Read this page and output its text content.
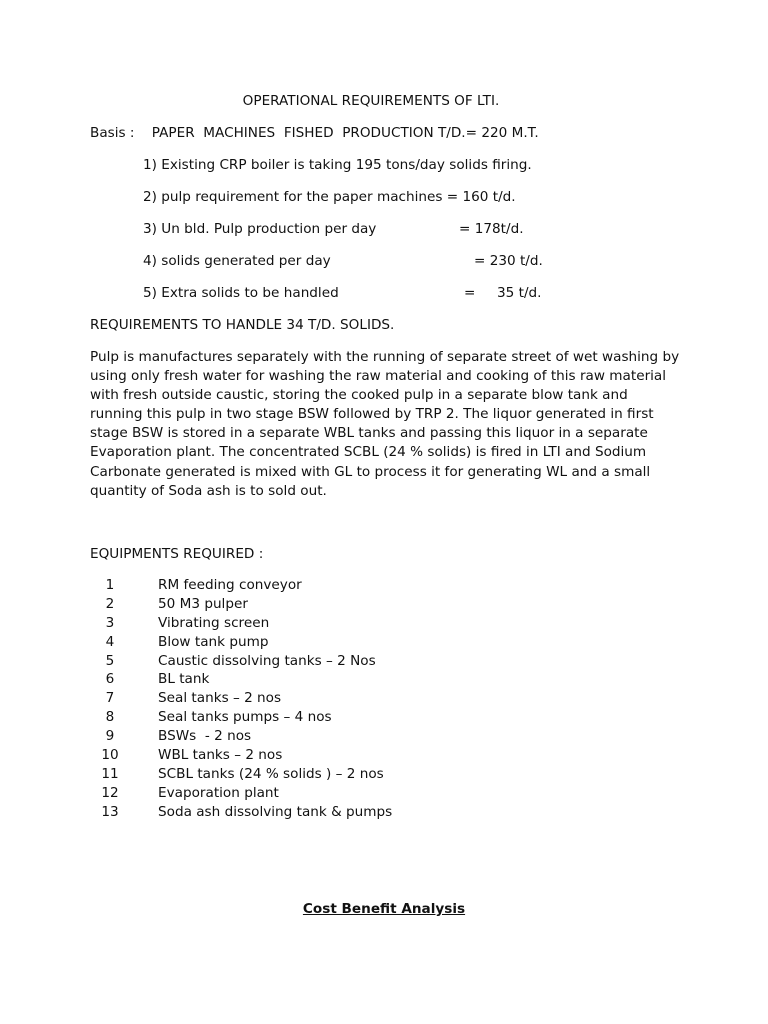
OPERATIONAL REQUIREMENTS OF LTI.
Basis :    PAPER  MACHINES  FISHED  PRODUCTION T/D.= 220 M.T.
1) Existing CRP boiler is taking 195 tons/day solids firing.
2) pulp requirement for the paper machines = 160 t/d.
3) Un bld. Pulp production per day	= 178t/d.
4) solids generated per day	= 230 t/d.
5) Extra solids to be handled	=     35 t/d.
REQUIREMENTS TO HANDLE 34 T/D. SOLIDS.
Pulp is manufactures separately with the running of separate street of wet washing by using only fresh water for washing the raw material and cooking of this raw material with fresh outside caustic, storing the cooked pulp in a separate blow tank and running this pulp in two stage BSW followed by TRP 2. The liquor generated in first stage BSW is stored in a separate WBL tanks and passing this liquor in a separate Evaporation plant. The concentrated SCBL (24 % solids) is fired in LTI and Sodium Carbonate generated is mixed with GL to process it for generating WL and a small quantity of Soda ash is to sold out.
EQUIPMENTS REQUIRED :
1	RM feeding conveyor
2	50 M3 pulper
3	Vibrating screen
4	Blow tank pump
5	Caustic dissolving tanks – 2 Nos
6	BL tank
7	Seal tanks – 2 nos
8	Seal tanks pumps – 4 nos
9	BSWs  - 2 nos
10	WBL tanks – 2 nos
11	SCBL tanks (24 % solids ) – 2 nos
12	Evaporation plant
13	Soda ash dissolving tank & pumps
Cost Benefit Analysis
